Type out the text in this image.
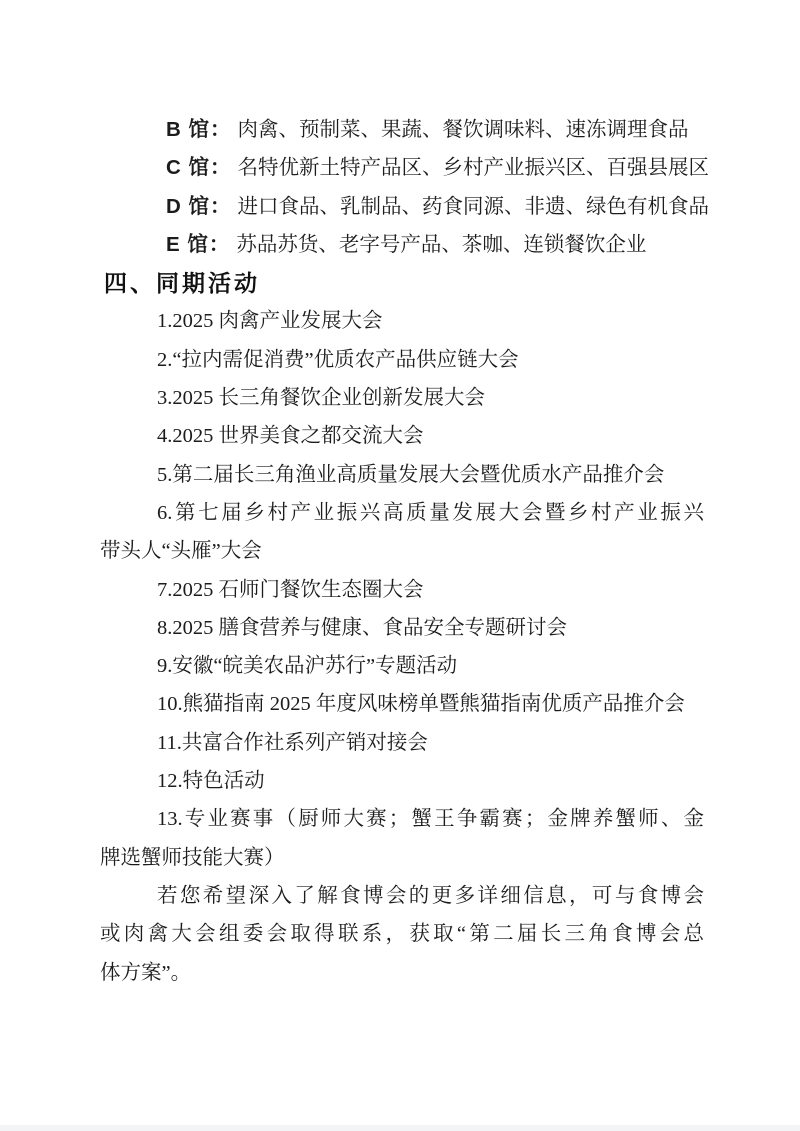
B 馆： 肉禽、预制菜、果蔬、餐饮调味料、速冻调理食品

C 馆： 名特优新土特产品区、乡村产业振兴区、百强县展区

D 馆： 进口食品、乳制品、药食同源、非遗、绿色有机食品

E 馆： 苏品苏货、老字号产品、茶咖、连锁餐饮企业

四、同期活动

1.2025 肉禽产业发展大会

2.“拉内需促消费”优质农产品供应链大会

3.2025 长三角餐饮企业创新发展大会

4.2025 世界美食之都交流大会

5.第二届长三角渔业高质量发展大会暨优质水产品推介会

6.第七届乡村产业振兴高质量发展大会暨乡村产业振兴

带头人“头雁”大会

7.2025 石师门餐饮生态圈大会

8.2025 膳食营养与健康、食品安全专题研讨会

9.安徽“皖美农品沪苏行”专题活动

10.熊猫指南 2025 年度风味榜单暨熊猫指南优质产品推介会

11.共富合作社系列产销对接会

12.特色活动

13.专业赛事（厨师大赛；蟹王争霸赛；金牌养蟹师、金

牌选蟹师技能大赛）

若您希望深入了解食博会的更多详细信息，可与食博会

或肉禽大会组委会取得联系，获取“第二届长三角食博会总

体方案”。
